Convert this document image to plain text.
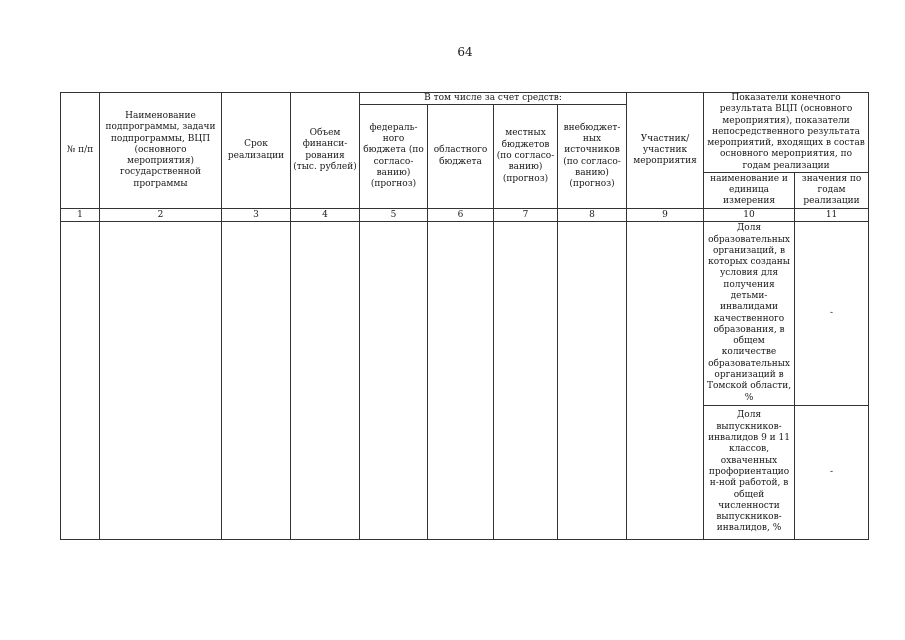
64
№ п/п	Наименование подпрограммы, задачи подпрограммы, ВЦП (основного мероприятия) государственной программы	Срок реализации	Объем финанси-рования (тыс. рублей)	В том числе за счет средств:				Участник/ участник мероприятия	Показатели конечного результата ВЦП (основного мероприятия), показатели непосредственного результата мероприятий, входящих в состав основного мероприятия, по годам реализации	
				федераль-ного бюджета (по согласо-ванию) (прогноз)	областного бюджета	местных бюджетов (по согласо-ванию) (прогноз)	внебюджет-ных источников (по согласо-ванию) (прогноз)			
									наименование и единица измерения	значения по годам реализации
1	2	3	4	5	6	7	8	9	10	11
									Доля образовательных организаций, в которых созданы условия для получения детьми-инвалидами качественного образования, в общем количестве образовательных организаций в Томской области, %	-
									Доля выпускников-инвалидов 9 и 11 классов, охваченных профориентацион-ной работой, в общей численности выпускников-инвалидов, %	-
